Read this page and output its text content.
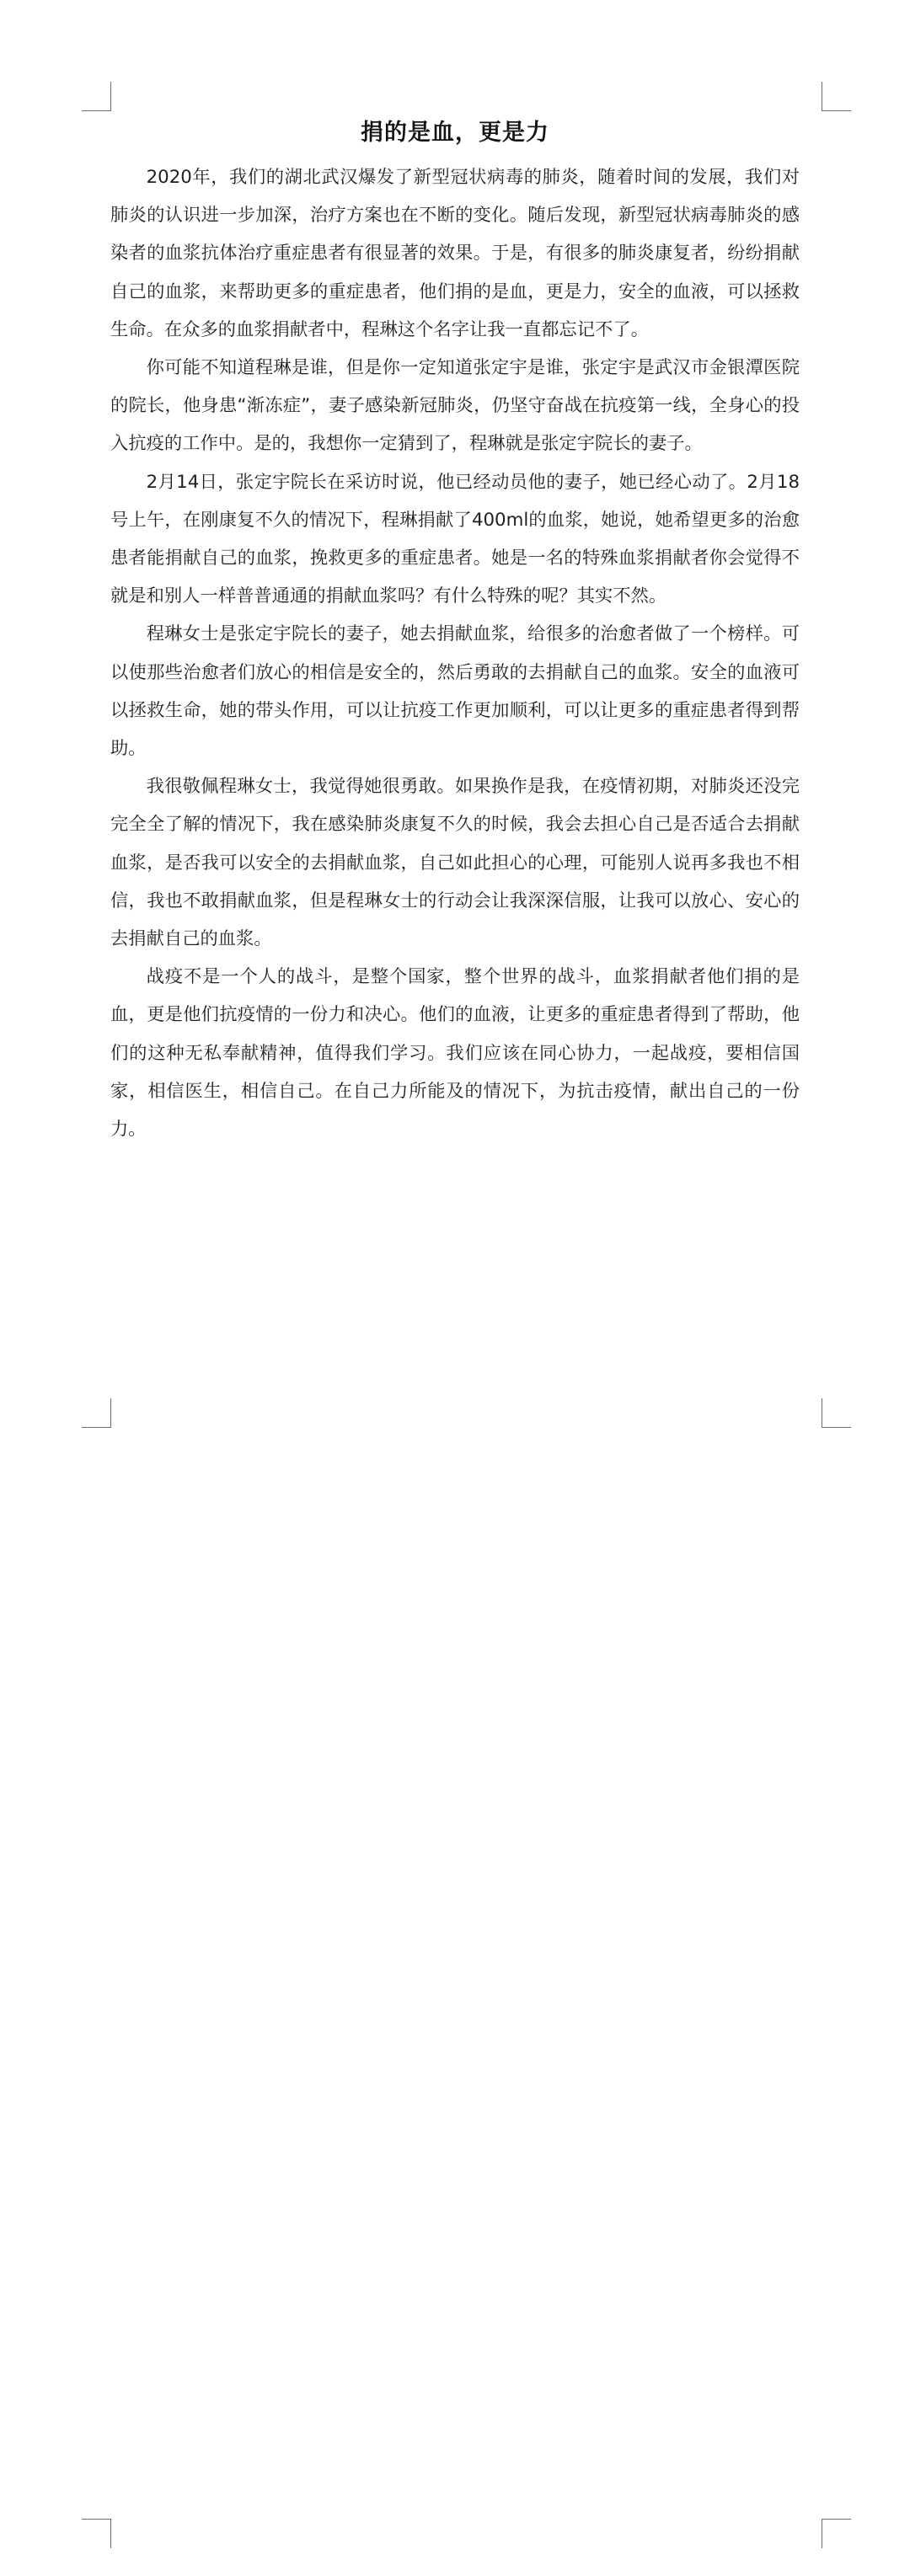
捐的是血，更是力

2020年，我们的湖北武汉爆发了新型冠状病毒的肺炎，随着时间的发展，我们对肺炎的认识进一步加深，治疗方案也在不断的变化。随后发现，新型冠状病毒肺炎的感染者的血浆抗体治疗重症患者有很显著的效果。于是，有很多的肺炎康复者，纷纷捐献自己的血浆，来帮助更多的重症患者，他们捐的是血，更是力，安全的血液，可以拯救生命。在众多的血浆捐献者中，程琳这个名字让我一直都忘记不了。

你可能不知道程琳是谁，但是你一定知道张定宇是谁，张定宇是武汉市金银潭医院的院长，他身患“渐冻症”，妻子感染新冠肺炎，仍坚守奋战在抗疫第一线，全身心的投入抗疫的工作中。是的，我想你一定猜到了，程琳就是张定宇院长的妻子。

2月14日，张定宇院长在采访时说，他已经动员他的妻子，她已经心动了。2月18号上午，在刚康复不久的情况下，程琳捐献了400ml的血浆，她说，她希望更多的治愈患者能捐献自己的血浆，挽救更多的重症患者。她是一名的特殊血浆捐献者你会觉得不就是和别人一样普普通通的捐献血浆吗？有什么特殊的呢？其实不然。

程琳女士是张定宇院长的妻子，她去捐献血浆，给很多的治愈者做了一个榜样。可以使那些治愈者们放心的相信是安全的，然后勇敢的去捐献自己的血浆。安全的血液可以拯救生命，她的带头作用，可以让抗疫工作更加顺利，可以让更多的重症患者得到帮助。

我很敬佩程琳女士，我觉得她很勇敢。如果换作是我，在疫情初期，对肺炎还没完完全全了解的情况下，我在感染肺炎康复不久的时候，我会去担心自己是否适合去捐献血浆，是否我可以安全的去捐献血浆，自己如此担心的心理，可能别人说再多我也不相信，我也不敢捐献血浆，但是程琳女士的行动会让我深深信服，让我可以放心、安心的去捐献自己的血浆。

战疫不是一个人的战斗，是整个国家，整个世界的战斗，血浆捐献者他们捐的是血，更是他们抗疫情的一份力和决心。他们的血液，让更多的重症患者得到了帮助，他们的这种无私奉献精神，值得我们学习。我们应该在同心协力，一起战疫，要相信国家，相信医生，相信自己。在自己力所能及的情况下，为抗击疫情，献出自己的一份力。
